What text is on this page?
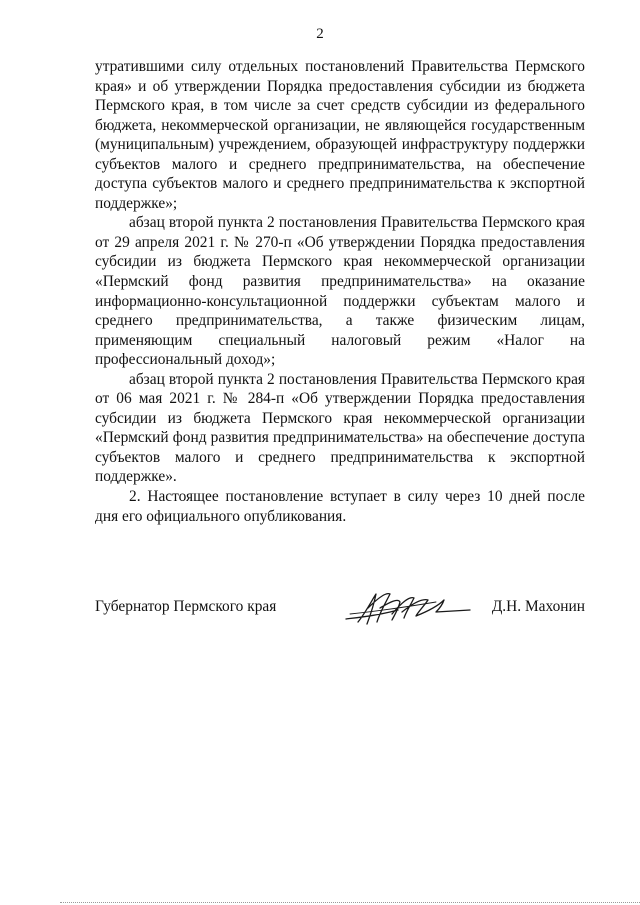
2

утратившими силу отдельных постановлений Правительства Пермского края» и об утверждении Порядка предоставления субсидии из бюджета Пермского края, в том числе за счет средств субсидии из федерального бюджета, некоммерческой организации, не являющейся государственным (муниципальным) учреждением, образующей инфраструктуру поддержки субъектов малого и среднего предпринимательства, на обеспечение доступа субъектов малого и среднего предпринимательства к экспортной поддержке»;

абзац второй пункта 2 постановления Правительства Пермского края от 29 апреля 2021 г. № 270-п «Об утверждении Порядка предоставления субсидии из бюджета Пермского края некоммерческой организации «Пермский фонд развития предпринимательства» на оказание информационно-консультационной поддержки субъектам малого и среднего предпринимательства, а также физическим лицам, применяющим специальный налоговый режим «Налог на профессиональный доход»;

абзац второй пункта 2 постановления Правительства Пермского края от 06 мая 2021 г. № 284-п «Об утверждении Порядка предоставления субсидии из бюджета Пермского края некоммерческой организации «Пермский фонд развития предпринимательства» на обеспечение доступа субъектов малого и среднего предпринимательства к экспортной поддержке».

2. Настоящее постановление вступает в силу через 10 дней после дня его официального опубликования.

Губернатор Пермского края	Д.Н. Махонин
